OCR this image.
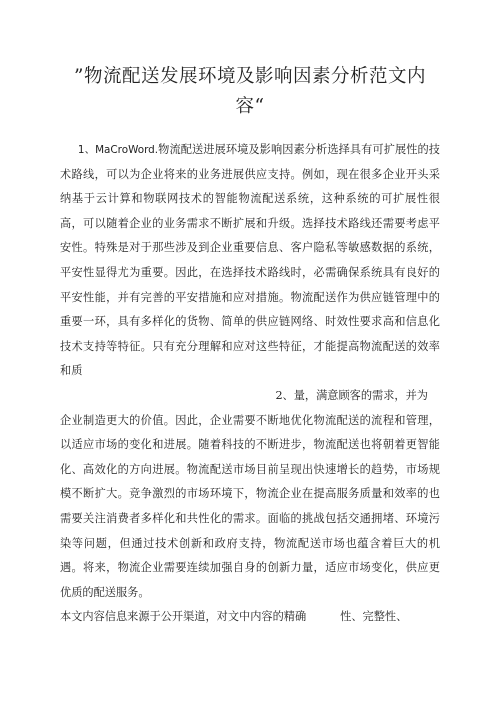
”物流配送发展环境及影响因素分析范文内
容“

1、MaCroWord.物流配送进展环境及影响因素分析选择具有可扩展性的技术路线，可以为企业将来的业务进展供应支持。例如，现在很多企业开头采纳基于云计算和物联网技术的智能物流配送系统，这种系统的可扩展性很高，可以随着企业的业务需求不断扩展和升级。选择技术路线还需要考虑平安性。特殊是对于那些涉及到企业重要信息、客户隐私等敏感数据的系统，平安性显得尤为重要。因此，在选择技术路线时，必需确保系统具有良好的平安性能，并有完善的平安措施和应对措施。物流配送作为供应链管理中的重要一环，具有多样化的货物、简单的供应链网络、时效性要求高和信息化技术支持等特征。只有充分理解和应对这些特征，才能提高物流配送的效率和质

2、量，满意顾客的需求，并为

企业制造更大的价值。因此，企业需要不断地优化物流配送的流程和管理，以适应市场的变化和进展。随着科技的不断进步，物流配送也将朝着更智能化、高效化的方向进展。物流配送市场目前呈现出快速增长的趋势，市场规模不断扩大。竞争激烈的市场环境下，物流企业在提高服务质量和效率的也需要关注消费者多样化和共性化的需求。面临的挑战包括交通拥堵、环境污染等问题，但通过技术创新和政府支持，物流配送市场也蕴含着巨大的机遇。将来，物流企业需要连续加强自身的创新力量，适应市场变化，供应更优质的配送服务。

本文内容信息来源于公开渠道，对文中内容的精确	性、完整性、
